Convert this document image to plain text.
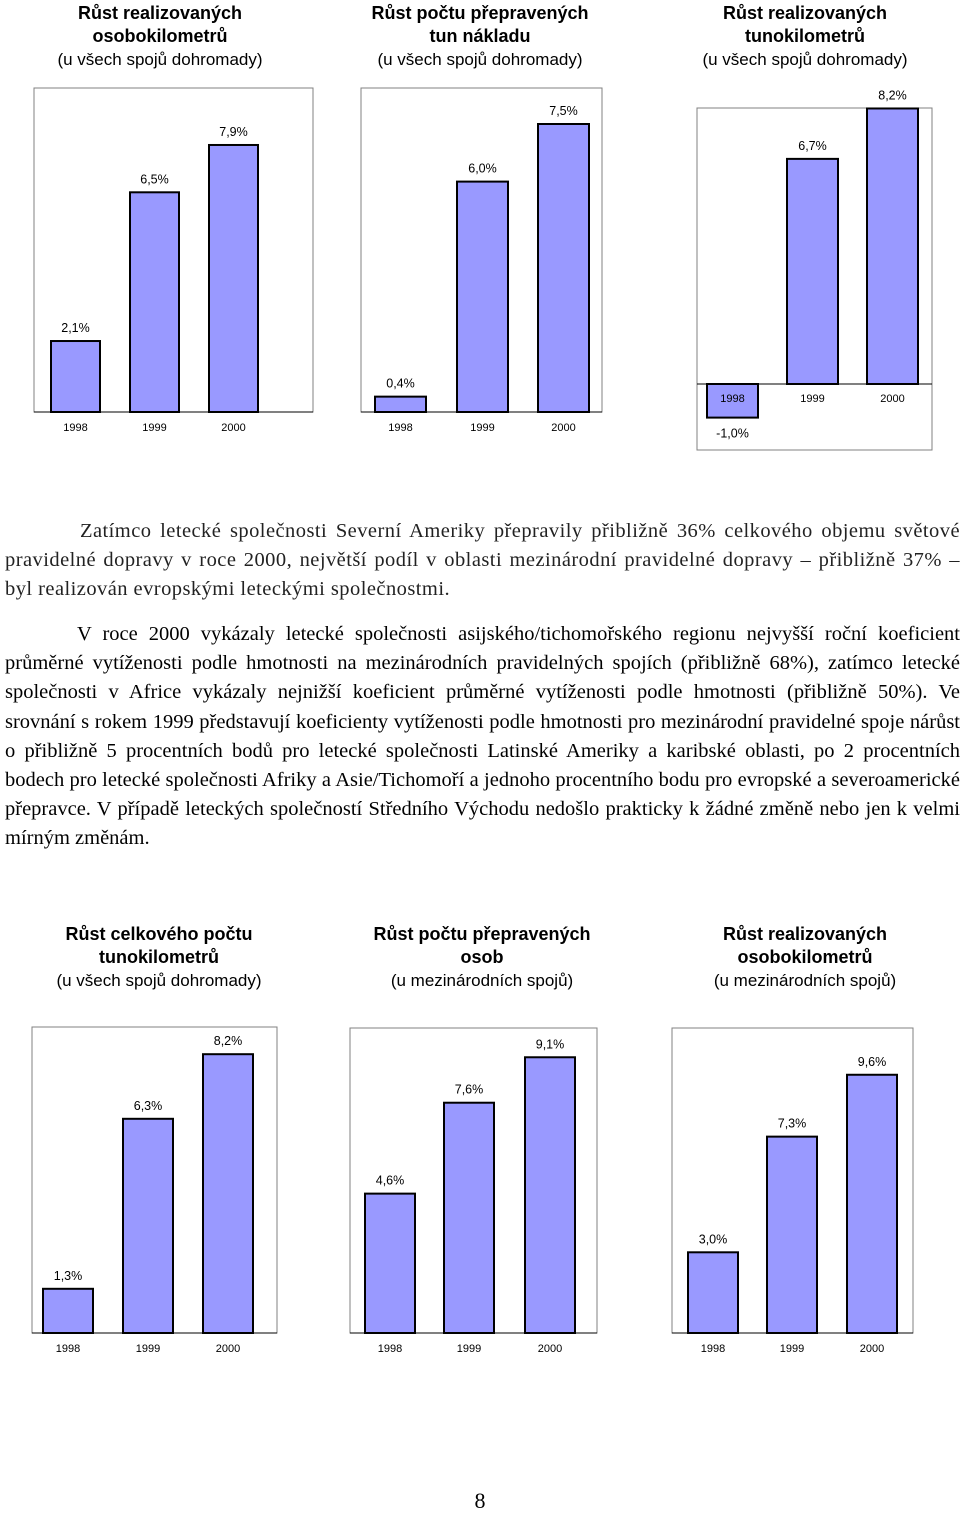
Růst realizovaných
osobokilometrů
(u všech spojů dohromady)
Růst počtu přepravených
tun nákladu
(u všech spojů dohromady)
Růst realizovaných
tunokilometrů
(u všech spojů dohromady)
Růst celkového počtu
tunokilometrů
(u všech spojů dohromady)
Růst počtu přepravených
osob
(u mezinárodních spojů)
Růst realizovaných
osobokilometrů
(u mezinárodních spojů)
2,1%
1998
6,5%
1999
7,9%
2000
0,4%
1998
6,0%
1999
7,5%
2000	-1,0%
1998
6,7%
1999
8,2%
2000
1,3%
1998
6,3%
1999
8,2%
2000
4,6%
1998
7,6%
1999
9,1%
2000
3,0%
1998
7,3%
1999
9,6%
2000

Zatímco letecké společnosti Severní Ameriky přepravily přibližně 36% celkového objemu světové pravidelné dopravy v roce 2000, největší podíl v oblasti mezinárodní pravidelné dopravy – přibližně 37% – byl realizován evropskými leteckými společnostmi.

V roce 2000 vykázaly letecké společnosti asijského/tichomořského regionu nejvyšší roční koeficient průměrné vytíženosti podle hmotnosti na mezinárodních pravidelných spojích (přibližně 68%), zatímco letecké společnosti v Africe vykázaly nejnižší koeficient průměrné vytíženosti podle hmotnosti (přibližně 50%). Ve srovnání s rokem 1999 představují koeficienty vytíženosti podle hmotnosti pro mezinárodní pravidelné spoje nárůst o přibližně 5 procentních bodů pro letecké společnosti Latinské Ameriky a karibské oblasti, po 2 procentních bodech pro letecké společnosti Afriky a Asie/Tichomoří a jednoho procentního bodu pro evropské a severoamerické přepravce. V případě leteckých společností Středního Východu nedošlo prakticky k žádné změně nebo jen k velmi mírným změnám.

8
